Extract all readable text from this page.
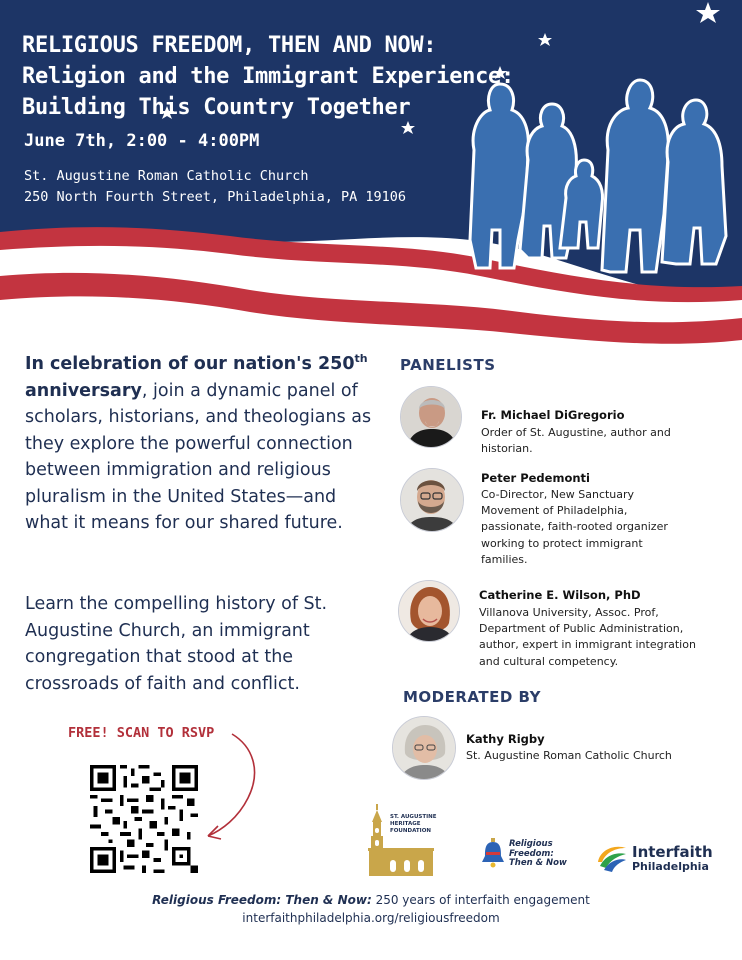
RELIGIOUS FREEDOM, THEN AND NOW:
Religion and the Immigrant Experience:
Building This Country Together
June 7th, 2:00 - 4:00PM
St. Augustine Roman Catholic Church
250 North Fourth Street, Philadelphia, PA 19106
In celebration of our nation's 250th anniversary, join a dynamic panel of scholars, historians, and theologians as they explore the powerful connection between immigration and religious pluralism in the United States—and what it means for our shared future.
Learn the compelling history of St. Augustine Church, an immigrant congregation that stood at the crossroads of faith and conflict.
FREE! SCAN TO RSVP
PANELISTS
Fr. Michael DiGregorio
Order of St. Augustine, author and historian.
Peter Pedemonti
Co-Director, New Sanctuary Movement of Philadelphia, passionate, faith-rooted organizer working to protect immigrant families.
Catherine E. Wilson, PhD
Villanova University, Assoc. Prof, Department of Public Administration, author, expert in immigrant integration and cultural competency.
MODERATED BY
Kathy Rigby
St. Augustine Roman Catholic Church
ST. AUGUSTINE
HERITAGE
FOUNDATION
Religious
Freedom:
Then & Now
Interfaith
Philadelphia
Religious Freedom: Then & Now: 250 years of interfaith engagement
interfaithphiladelphia.org/religiousfreedom
